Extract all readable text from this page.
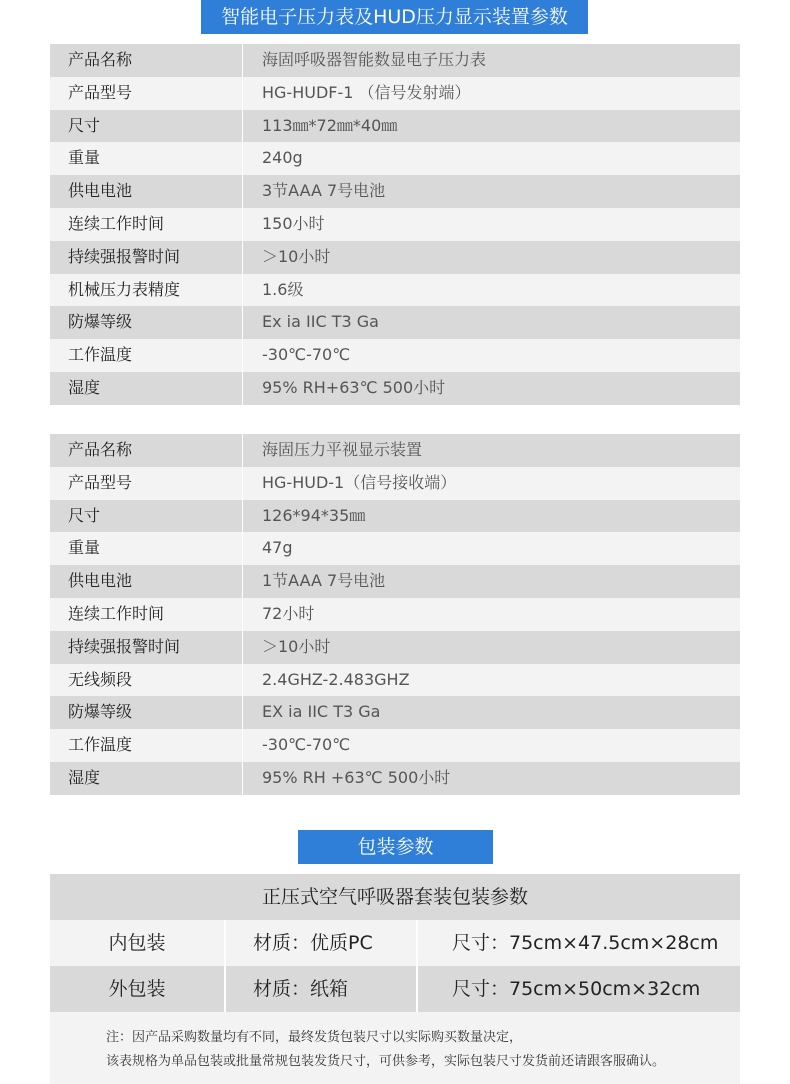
智能电子压力表及HUD压力显示装置参数
产品名称	海固呼吸器智能数显电子压力表
产品型号	HG-HUDF-1 （信号发射端）
尺寸	113㎜*72㎜*40㎜
重量	240g
供电电池	3节AAA 7号电池
连续工作时间	150小时
持续强报警时间	＞10小时
机械压力表精度	1.6级
防爆等级	Ex ia IIC T3 Ga
工作温度	-30℃-70℃
湿度	95% RH+63℃ 500小时
产品名称	海固压力平视显示装置
产品型号	HG-HUD-1（信号接收端）
尺寸	126*94*35㎜
重量	47g
供电电池	1节AAA 7号电池
连续工作时间	72小时
持续强报警时间	＞10小时
无线频段	2.4GHZ-2.483GHZ
防爆等级	EX ia IIC T3 Ga
工作温度	-30℃-70℃
湿度	95% RH +63℃ 500小时
包装参数
正压式空气呼吸器套装包装参数
内包装	材质：优质PC	尺寸：75cm×47.5cm×28cm
外包装	材质：纸箱	尺寸：75cm×50cm×32cm
注：因产品采购数量均有不同，最终发货包装尺寸以实际购买数量决定，
该表规格为单品包装或批量常规包装发货尺寸，可供参考，实际包装尺寸发货前还请跟客服确认。
